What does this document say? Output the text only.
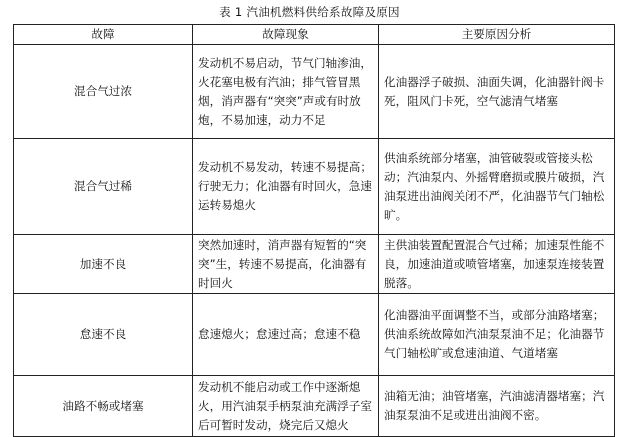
表 1 汽油机燃料供给系故障及原因
故障	故障现象	主要原因分析
混合气过浓	发动机不易启动，节气门轴渗油，火花塞电极有汽油；排气管冒黑烟，消声器有“突突”声或有时放炮，不易加速，动力不足	化油器浮子破损、油面失调，化油器针阀卡死，阻风门卡死，空气滤清气堵塞
混合气过稀	发动机不易发动，转速不易提高；行驶无力；化油器有时回火，急速运转易熄火	供油系统部分堵塞，油管破裂或管接头松动；汽油泵内、外摇臂磨损或膜片破损，汽油泵进出油阀关闭不严，化油器节气门轴松旷。
加速不良	突然加速时，消声器有短暂的“突突”生，转速不易提高，化油器有时回火	主供油装置配置混合气过稀；加速泵性能不良，加速油道或喷管堵塞，加速泵连接装置脱落。
怠速不良	怠速熄火；怠速过高；怠速不稳	化油器油平面调整不当，或部分油路堵塞；供油系统故障如汽油泵泵油不足；化油器节气门轴松旷或怠速油道、气道堵塞
油路不畅或堵塞	发动机不能启动或工作中逐渐熄火，用汽油泵手柄泵油充满浮子室后可暂时发动，烧完后又熄火	油箱无油；油管堵塞，汽油滤清器堵塞；汽油泵泵油不足或进出油阀不密。
